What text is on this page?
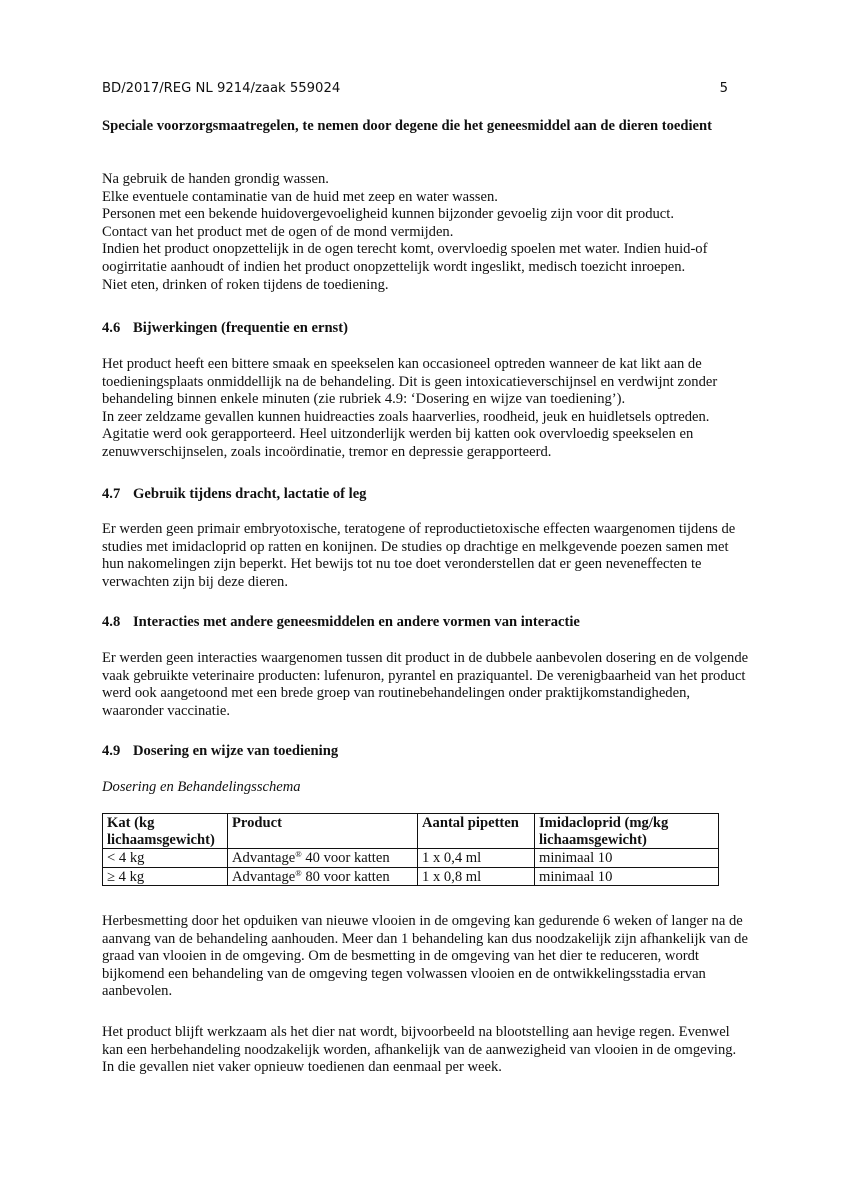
BD/2017/REG NL 9214/zaak 559024	5
Speciale voorzorgsmaatregelen, te nemen door degene die het geneesmiddel aan de dieren toedient

Na gebruik de handen grondig wassen.

Elke eventuele contaminatie van de huid met zeep en water wassen.

Personen met een bekende huidovergevoeligheid kunnen bijzonder gevoelig zijn voor dit product.

Contact van het product met de ogen of de mond vermijden.

Indien het product onopzettelijk in de ogen terecht komt, overvloedig spoelen met water. Indien huid-of oogirritatie aanhoudt of indien het product onopzettelijk wordt ingeslikt, medisch toezicht inroepen.

Niet eten, drinken of roken tijdens de toediening.

4.6 Bijwerkingen (frequentie en ernst)

Het product heeft een bittere smaak en speekselen kan occasioneel optreden wanneer de kat likt aan de toedieningsplaats onmiddellijk na de behandeling. Dit is geen intoxicatieverschijnsel en verdwijnt zonder behandeling binnen enkele minuten (zie rubriek 4.9: ‘Dosering en wijze van toediening’).

In zeer zeldzame gevallen kunnen huidreacties zoals haarverlies, roodheid, jeuk en huidletsels optreden. Agitatie werd ook gerapporteerd. Heel uitzonderlijk werden bij katten ook overvloedig speekselen en zenuwverschijnselen, zoals incoördinatie, tremor en depressie gerapporteerd.

4.7 Gebruik tijdens dracht, lactatie of leg

Er werden geen primair embryotoxische, teratogene of reproductietoxische effecten waargenomen tijdens de studies met imidacloprid op ratten en konijnen. De studies op drachtige en melkgevende poezen samen met hun nakomelingen zijn beperkt. Het bewijs tot nu toe doet veronderstellen dat er geen neveneffecten te verwachten zijn bij deze dieren.

4.8 Interacties met andere geneesmiddelen en andere vormen van interactie

Er werden geen interacties waargenomen tussen dit product in de dubbele aanbevolen dosering en de volgende vaak gebruikte veterinaire producten: lufenuron, pyrantel en praziquantel. De verenigbaarheid van het product werd ook aangetoond met een brede groep van routinebehandelingen onder praktijkomstandigheden, waaronder vaccinatie.

4.9 Dosering en wijze van toediening
Dosering en Behandelingsschema
Kat (kg lichaamsgewicht)	Product	Aantal pipetten	Imidacloprid (mg/kg lichaamsgewicht)
< 4 kg	Advantage® 40 voor katten	1 x 0,4 ml	minimaal 10
≥ 4 kg	Advantage® 80 voor katten	1 x 0,8 ml	minimaal 10

Herbesmetting door het opduiken van nieuwe vlooien in de omgeving kan gedurende 6 weken of langer na de aanvang van de behandeling aanhouden. Meer dan 1 behandeling kan dus noodzakelijk zijn afhankelijk van de graad van vlooien in de omgeving. Om de besmetting in de omgeving van het dier te reduceren, wordt bijkomend een behandeling van de omgeving tegen volwassen vlooien en de ontwikkelingsstadia ervan aanbevolen.

Het product blijft werkzaam als het dier nat wordt, bijvoorbeeld na blootstelling aan hevige regen. Evenwel kan een herbehandeling noodzakelijk worden, afhankelijk van de aanwezigheid van vlooien in de omgeving.

In die gevallen niet vaker opnieuw toedienen dan eenmaal per week.
